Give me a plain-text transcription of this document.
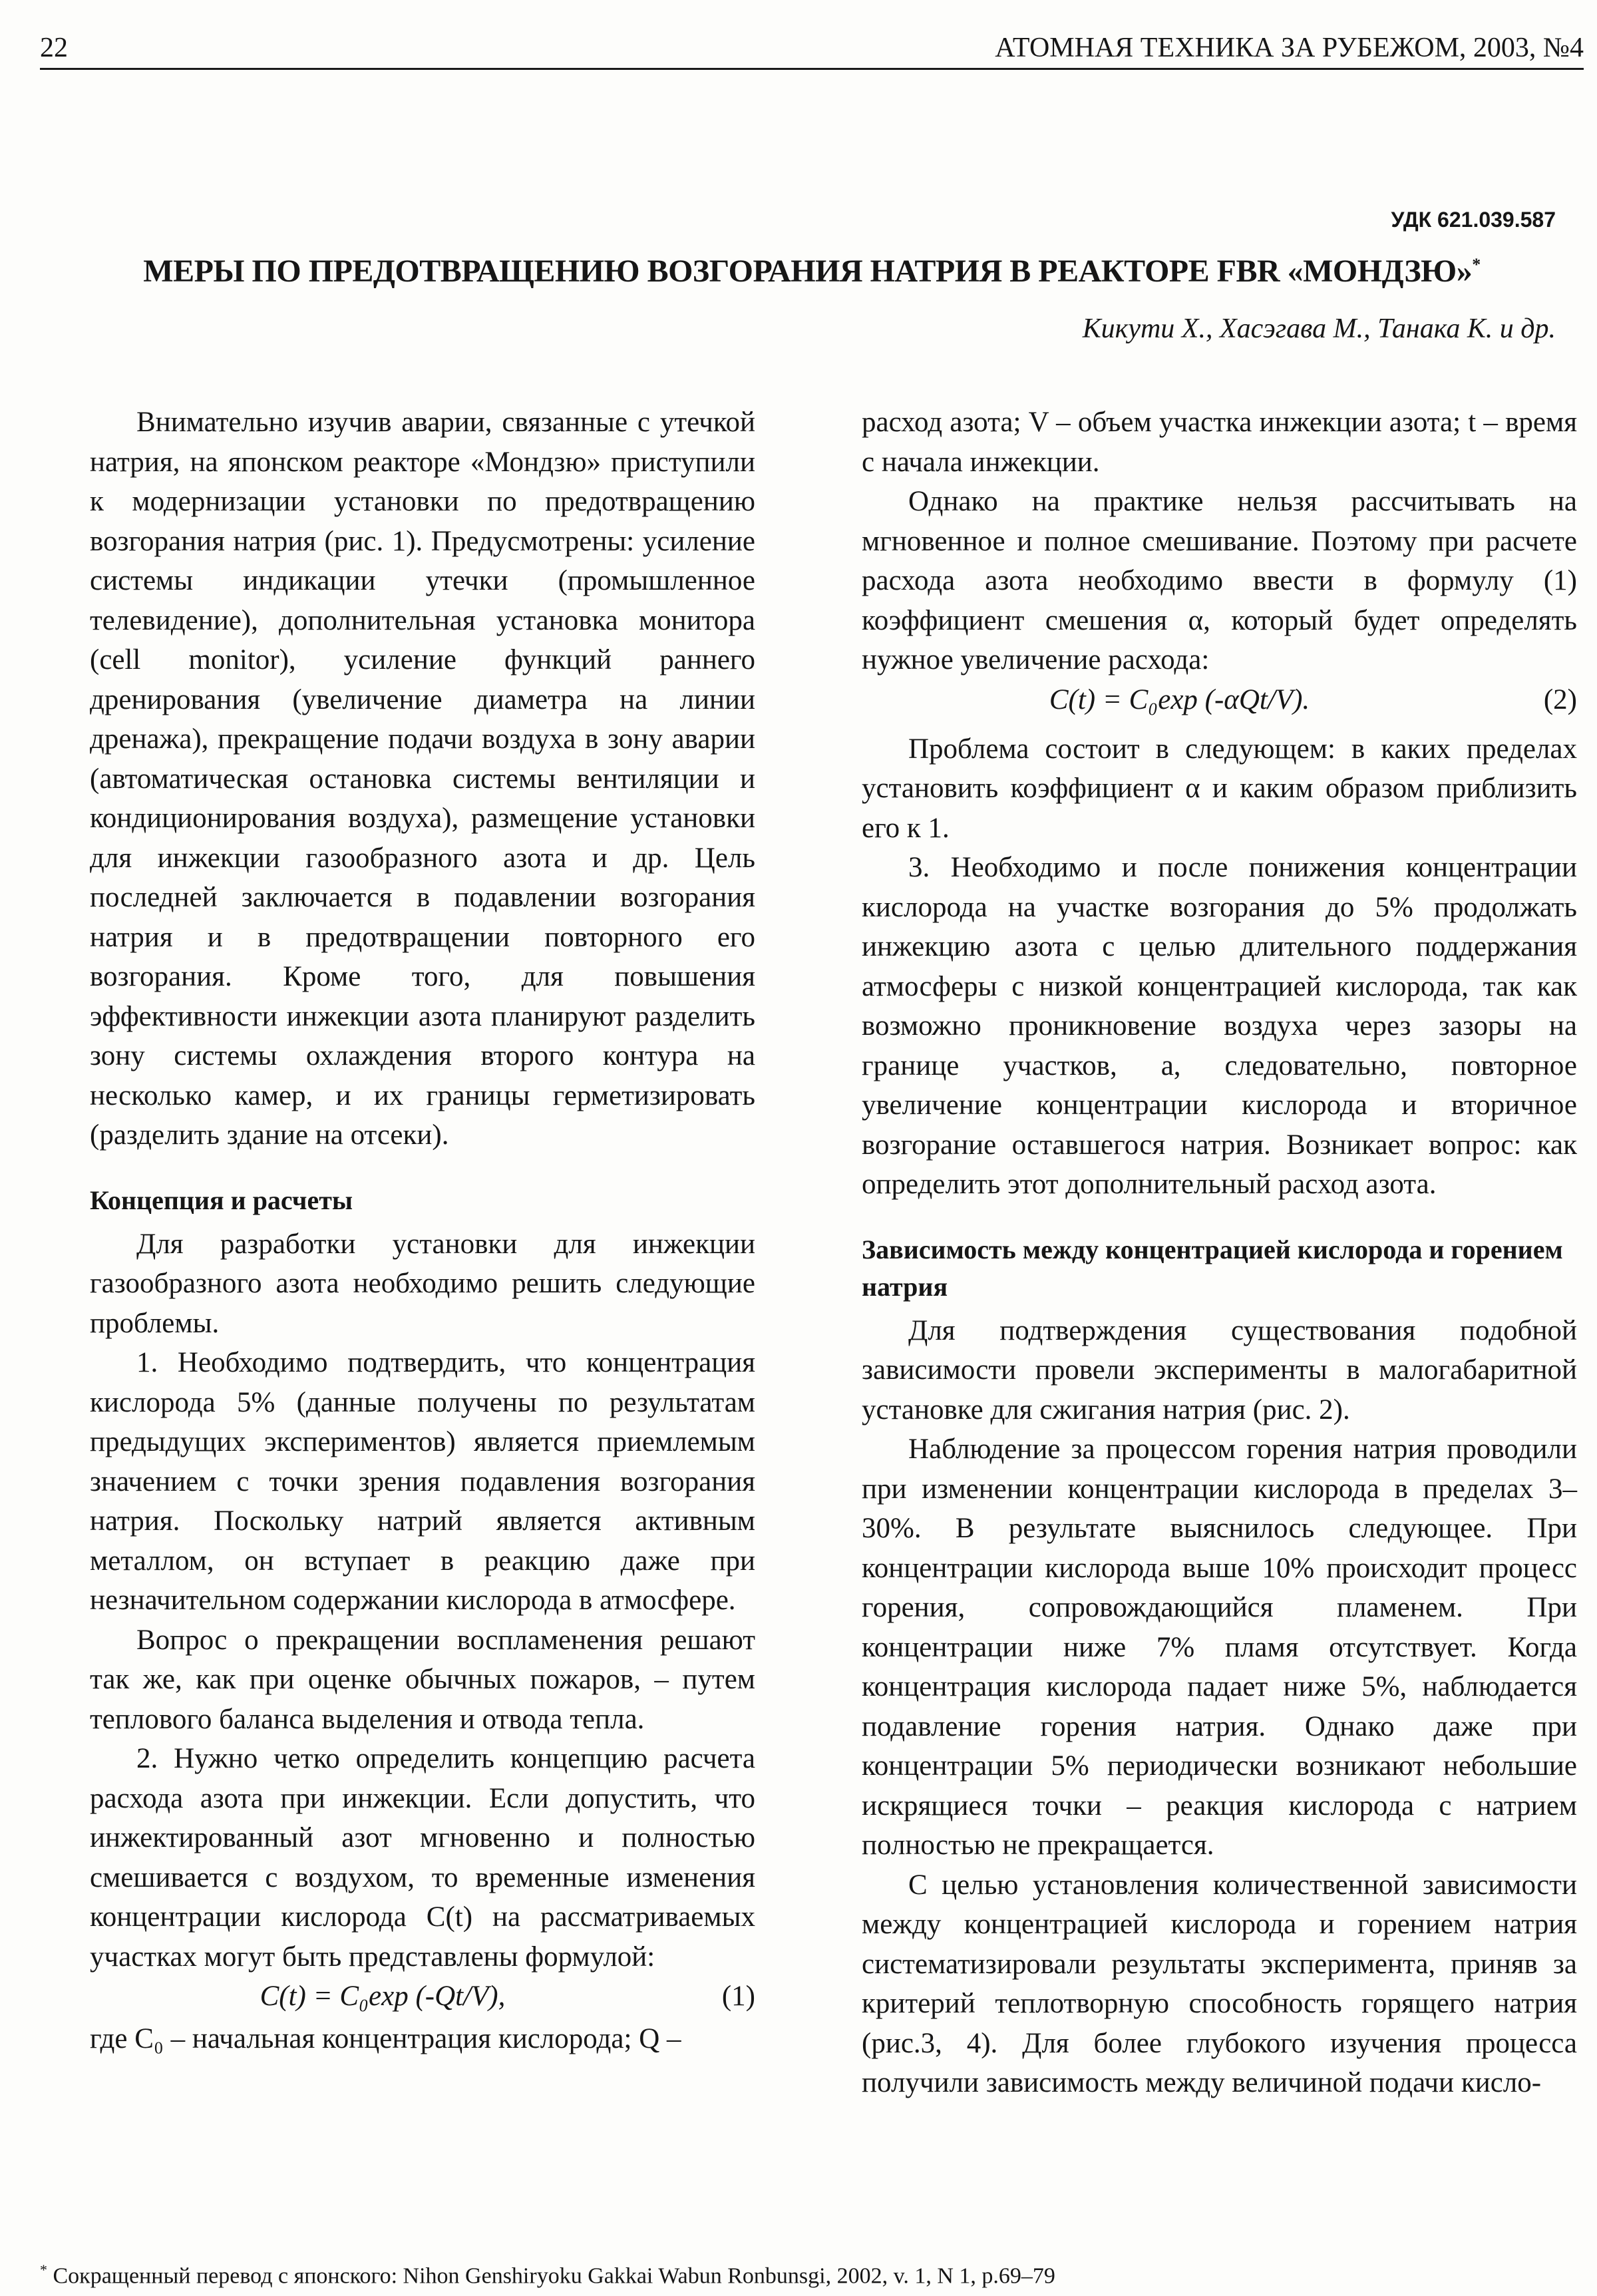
22	АТОМНАЯ ТЕХНИКА ЗА РУБЕЖОМ, 2003, №4
УДК 621.039.587
МЕРЫ ПО ПРЕДОТВРАЩЕНИЮ ВОЗГОРАНИЯ НАТРИЯ В РЕАКТОРЕ FBR «МОНДЗЮ»*
Кикути Х., Хасэгава М., Танака К. и др.

Внимательно изучив аварии, связанные с утечкой натрия, на японском реакторе «Мондзю» приступили к модернизации установки по предотвращению возгорания натрия (рис. 1). Предусмотрены: усиление системы индикации утечки (промышленное телевидение), дополнительная установка монитора (cell monitor), усиление функций раннего дренирования (увеличение диаметра на линии дренажа), прекращение подачи воздуха в зону аварии (автоматическая остановка системы вентиляции и кондиционирования воздуха), размещение установки для инжекции газообразного азота и др. Цель последней заключается в подавлении возгорания натрия и в предотвращении повторного его возгорания. Кроме того, для повышения эффективности инжекции азота планируют разделить зону системы охлаждения второго контура на несколько камер, и их границы герметизировать (разделить здание на отсеки).

Концепция и расчеты

Для разработки установки для инжекции газообразного азота необходимо решить следующие проблемы.

1. Необходимо подтвердить, что концентрация кислорода 5% (данные получены по результатам предыдущих экспериментов) является приемлемым значением с точки зрения подавления возгорания натрия. Поскольку натрий является активным металлом, он вступает в реакцию даже при незначительном содержании кислорода в атмосфере.

Вопрос о прекращении воспламенения решают так же, как при оценке обычных пожаров, – путем теплового баланса выделения и отвода тепла.

2. Нужно четко определить концепцию расчета расхода азота при инжекции. Если допустить, что инжектированный азот мгновенно и полностью смешивается с воздухом, то временные изменения концентрации кислорода C(t) на рассматриваемых участках могут быть представлены формулой:

C(t) = C₀exp (-Qt/V),	(1)

где C₀ – начальная концентрация кислорода; Q –

расход азота; V – объем участка инжекции азота; t – время с начала инжекции.

Однако на практике нельзя рассчитывать на мгновенное и полное смешивание. Поэтому при расчете расхода азота необходимо ввести в формулу (1) коэффициент смешения α, который будет определять нужное увеличение расхода:

C(t) = C₀exp (-αQt/V).	(2)

Проблема состоит в следующем: в каких пределах установить коэффициент α и каким образом приблизить его к 1.

3. Необходимо и после понижения концентрации кислорода на участке возгорания до 5% продолжать инжекцию азота с целью длительного поддержания атмосферы с низкой концентрацией кислорода, так как возможно проникновение воздуха через зазоры на границе участков, а, следовательно, повторное увеличение концентрации кислорода и вторичное возгорание оставшегося натрия. Возникает вопрос: как определить этот дополнительный расход азота.

Зависимость между концентрацией кислорода и горением натрия

Для подтверждения существования подобной зависимости провели эксперименты в малогабаритной установке для сжигания натрия (рис. 2).

Наблюдение за процессом горения натрия проводили при изменении концентрации кислорода в пределах 3–30%. В результате выяснилось следующее. При концентрации кислорода выше 10% происходит процесс горения, сопровождающийся пламенем. При концентрации ниже 7% пламя отсутствует. Когда концентрация кислорода падает ниже 5%, наблюдается подавление горения натрия. Однако даже при концентрации 5% периодически возникают небольшие искрящиеся точки – реакция кислорода с натрием полностью не прекращается.

С целью установления количественной зависимости между концентрацией кислорода и горением натрия систематизировали результаты эксперимента, приняв за критерий теплотворную способность горящего натрия (рис.3, 4). Для более глубокого изучения процесса получили зависимость между величиной подачи кисло-

* Сокращенный перевод с японского: Nihon Genshiryoku Gakkai Wabun Ronbunsgi, 2002, v. 1, N 1, p.69–79
